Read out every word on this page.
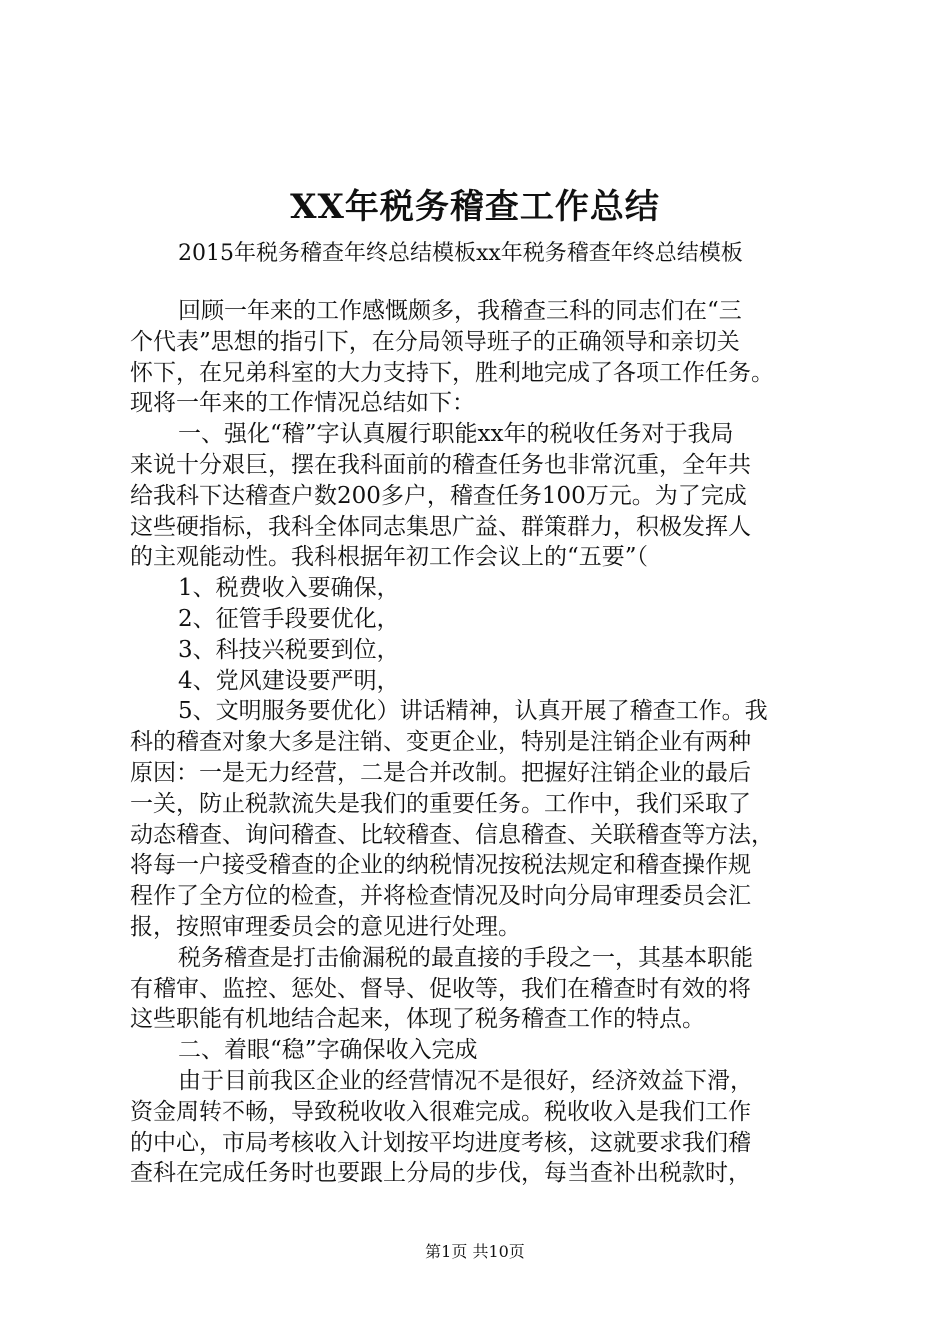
XX年税务稽查工作总结
2015年税务稽查年终总结模板xx年税务稽查年终总结模板
回顾一年来的工作感慨颇多，我稽查三科的同志们在“三
个代表”思想的指引下，在分局领导班子的正确领导和亲切关
怀下，在兄弟科室的大力支持下，胜利地完成了各项工作任务。
现将一年来的工作情况总结如下：
一、强化“稽”字认真履行职能xx年的税收任务对于我局
来说十分艰巨，摆在我科面前的稽查任务也非常沉重，全年共
给我科下达稽查户数200多户，稽查任务100万元。为了完成
这些硬指标，我科全体同志集思广益、群策群力，积极发挥人
的主观能动性。我科根据年初工作会议上的“五要”（
1、税费收入要确保，
2、征管手段要优化，
3、科技兴税要到位，
4、党风建设要严明，
5、文明服务要优化）讲话精神，认真开展了稽查工作。我
科的稽查对象大多是注销、变更企业，特别是注销企业有两种
原因：一是无力经营，二是合并改制。把握好注销企业的最后
一关，防止税款流失是我们的重要任务。工作中，我们采取了
动态稽查、询问稽查、比较稽查、信息稽查、关联稽查等方法，
将每一户接受稽查的企业的纳税情况按税法规定和稽查操作规
程作了全方位的检查，并将检查情况及时向分局审理委员会汇
报，按照审理委员会的意见进行处理。
税务稽查是打击偷漏税的最直接的手段之一，其基本职能
有稽审、监控、惩处、督导、促收等，我们在稽查时有效的将
这些职能有机地结合起来，体现了税务稽查工作的特点。
二、着眼“稳”字确保收入完成
由于目前我区企业的经营情况不是很好，经济效益下滑，
资金周转不畅，导致税收收入很难完成。税收收入是我们工作
的中心，市局考核收入计划按平均进度考核，这就要求我们稽
查科在完成任务时也要跟上分局的步伐，每当查补出税款时，
第1页 共10页
